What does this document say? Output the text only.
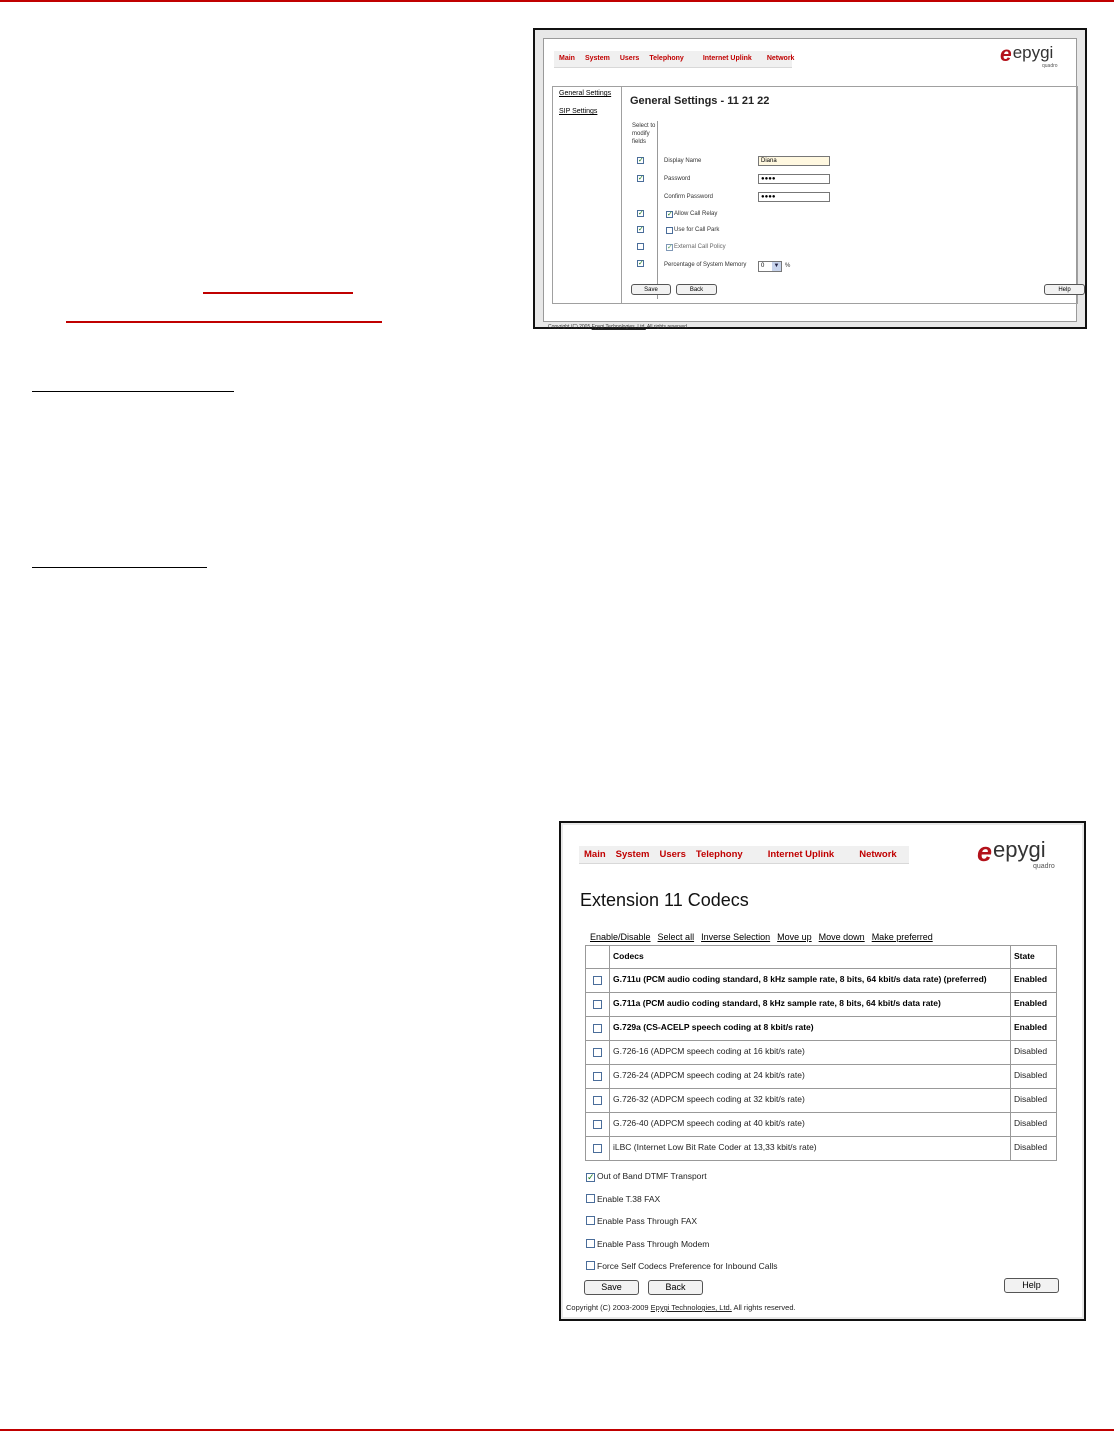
Main	System	Users	Telephony	Internet Uplink	Network	e epygi
quadro
General Settings
SIP Settings
General Settings - 11 21 22
Select to modify fields
✓	Display Name	Diana
✓	Password	●●●●
Confirm Password	●●●●
✓	✓ Allow Call Relay
✓	Use for Call Park
✓ External Call Policy
✓	Percentage of System Memory	0 ▼ %
Save	Back	Help
Copyright (C) 2005 Epygi Technologies, Ltd. All rights reserved.
Main	System	Users	Telephony	Internet Uplink	Network	e epygi
quadro
Extension 11 Codecs
Enable/Disable Select all Inverse Selection Move up Move down Make preferred
Codecs	State
G.711u (PCM audio coding standard, 8 kHz sample rate, 8 bits, 64 kbit/s data rate) (preferred)	Enabled
G.711a (PCM audio coding standard, 8 kHz sample rate, 8 bits, 64 kbit/s data rate)	Enabled
G.729a (CS-ACELP speech coding at 8 kbit/s rate)	Enabled
G.726-16 (ADPCM speech coding at 16 kbit/s rate)	Disabled
G.726-24 (ADPCM speech coding at 24 kbit/s rate)	Disabled
G.726-32 (ADPCM speech coding at 32 kbit/s rate)	Disabled
G.726-40 (ADPCM speech coding at 40 kbit/s rate)	Disabled
iLBC (Internet Low Bit Rate Coder at 13,33 kbit/s rate)	Disabled
✓ Out of Band DTMF Transport
Enable T.38 FAX
Enable Pass Through FAX
Enable Pass Through Modem
Force Self Codecs Preference for Inbound Calls
Save	Back	Help
Copyright (C) 2003-2009 Epygi Technologies, Ltd. All rights reserved.
